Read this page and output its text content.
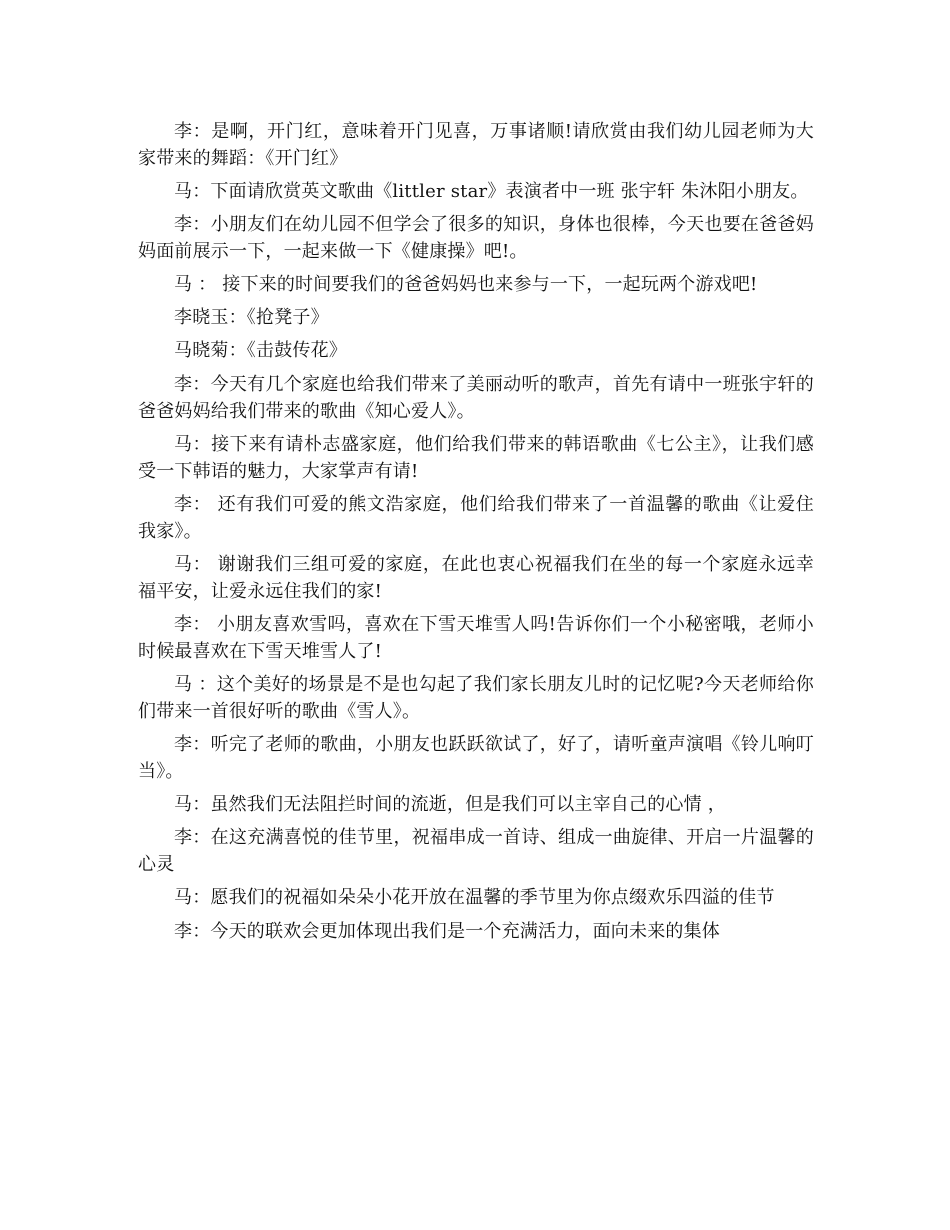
李：是啊，开门红，意味着开门见喜，万事诸顺!请欣赏由我们幼儿园老师为大家带来的舞蹈：《开门红》

马：下面请欣赏英文歌曲《littler star》表演者中一班 张宇轩 朱沐阳小朋友。

李：小朋友们在幼儿园不但学会了很多的知识，身体也很棒，今天也要在爸爸妈妈面前展示一下，一起来做一下《健康操》吧!。

马 ： 接下来的时间要我们的爸爸妈妈也来参与一下，一起玩两个游戏吧!

李晓玉：《抢凳子》

马晓菊：《击鼓传花》

李：今天有几个家庭也给我们带来了美丽动听的歌声，首先有请中一班张宇轩的爸爸妈妈给我们带来的歌曲《知心爱人》。

马：接下来有请朴志盛家庭，他们给我们带来的韩语歌曲《七公主》，让我们感受一下韩语的魅力，大家掌声有请!

李： 还有我们可爱的熊文浩家庭，他们给我们带来了一首温馨的歌曲《让爱住我家》。

马： 谢谢我们三组可爱的家庭，在此也衷心祝福我们在坐的每一个家庭永远幸福平安，让爱永远住我们的家!

李： 小朋友喜欢雪吗，喜欢在下雪天堆雪人吗!告诉你们一个小秘密哦，老师小时候最喜欢在下雪天堆雪人了!

马 ：这个美好的场景是不是也勾起了我们家长朋友儿时的记忆呢?今天老师给你们带来一首很好听的歌曲《雪人》。

李：听完了老师的歌曲，小朋友也跃跃欲试了，好了，请听童声演唱《铃儿响叮当》。

马：虽然我们无法阻拦时间的流逝，但是我们可以主宰自己的心情 ，

李：在这充满喜悦的佳节里，祝福串成一首诗、组成一曲旋律、开启一片温馨的心灵

马：愿我们的祝福如朵朵小花开放在温馨的季节里为你点缀欢乐四溢的佳节

李：今天的联欢会更加体现出我们是一个充满活力，面向未来的集体
